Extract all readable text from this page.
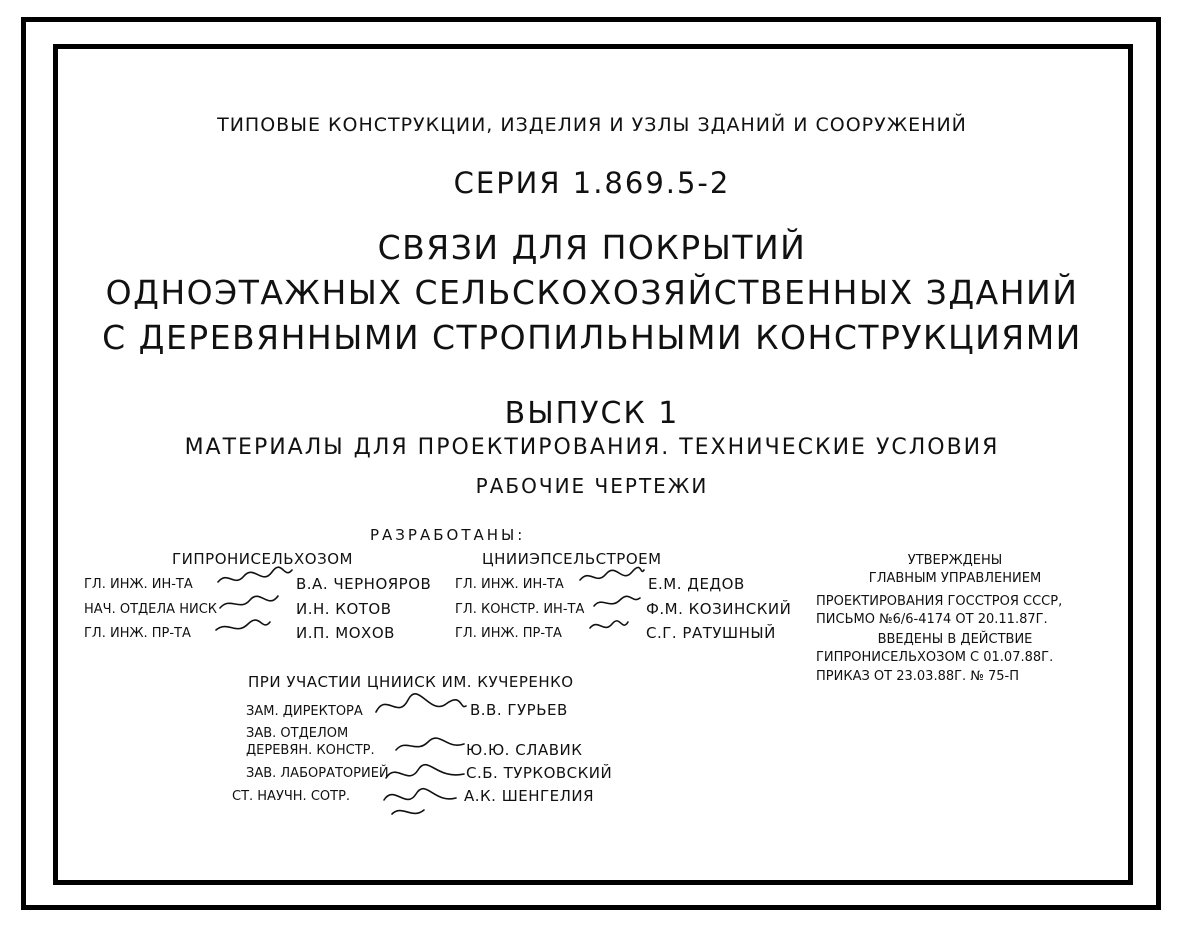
ТИПОВЫЕ КОНСТРУКЦИИ, ИЗДЕЛИЯ И УЗЛЫ ЗДАНИЙ И СООРУЖЕНИЙ
СЕРИЯ 1.869.5-2
СВЯЗИ ДЛЯ ПОКРЫТИЙ
ОДНОЭТАЖНЫХ СЕЛЬСКОХОЗЯЙСТВЕННЫХ ЗДАНИЙ
С ДЕРЕВЯННЫМИ СТРОПИЛЬНЫМИ КОНСТРУКЦИЯМИ
ВЫПУСК 1
МАТЕРИАЛЫ ДЛЯ ПРОЕКТИРОВАНИЯ. ТЕХНИЧЕСКИЕ УСЛОВИЯ
РАБОЧИЕ ЧЕРТЕЖИ
РАЗРАБОТАНЫ:
ГИПРОНИСЕЛЬХОЗОМ
ГЛ. ИНЖ. ИН-ТА	В.А. ЧЕРНОЯРОВ
НАЧ. ОТДЕЛА НИСК	И.Н. КОТОВ
ГЛ. ИНЖ. ПР-ТА	И.П. МОХОВ
ЦНИИЭПСЕЛЬСТРОЕМ
ГЛ. ИНЖ. ИН-ТА	Е.М. ДЕДОВ
ГЛ. КОНСТР. ИН-ТА	Ф.М. КОЗИНСКИЙ
ГЛ. ИНЖ. ПР-ТА	С.Г. РАТУШНЫЙ
УТВЕРЖДЕНЫ
ГЛАВНЫМ УПРАВЛЕНИЕМ
ПРОЕКТИРОВАНИЯ ГОССТРОЯ СССР,
ПИСЬМО №6/6-4174 ОТ 20.11.87Г.
ВВЕДЕНЫ В ДЕЙСТВИЕ
ГИПРОНИСЕЛЬХОЗОМ С 01.07.88Г.
ПРИКАЗ ОТ 23.03.88Г. № 75-П
ПРИ УЧАСТИИ ЦНИИСК ИМ. КУЧЕРЕНКО
ЗАМ. ДИРЕКТОРА	В.В. ГУРЬЕВ
ЗАВ. ОТДЕЛОМ
ДЕРЕВЯН. КОНСТР.	Ю.Ю. СЛАВИК
ЗАВ. ЛАБОРАТОРИЕЙ	С.Б. ТУРКОВСКИЙ
СТ. НАУЧН. СОТР.	А.К. ШЕНГЕЛИЯ
